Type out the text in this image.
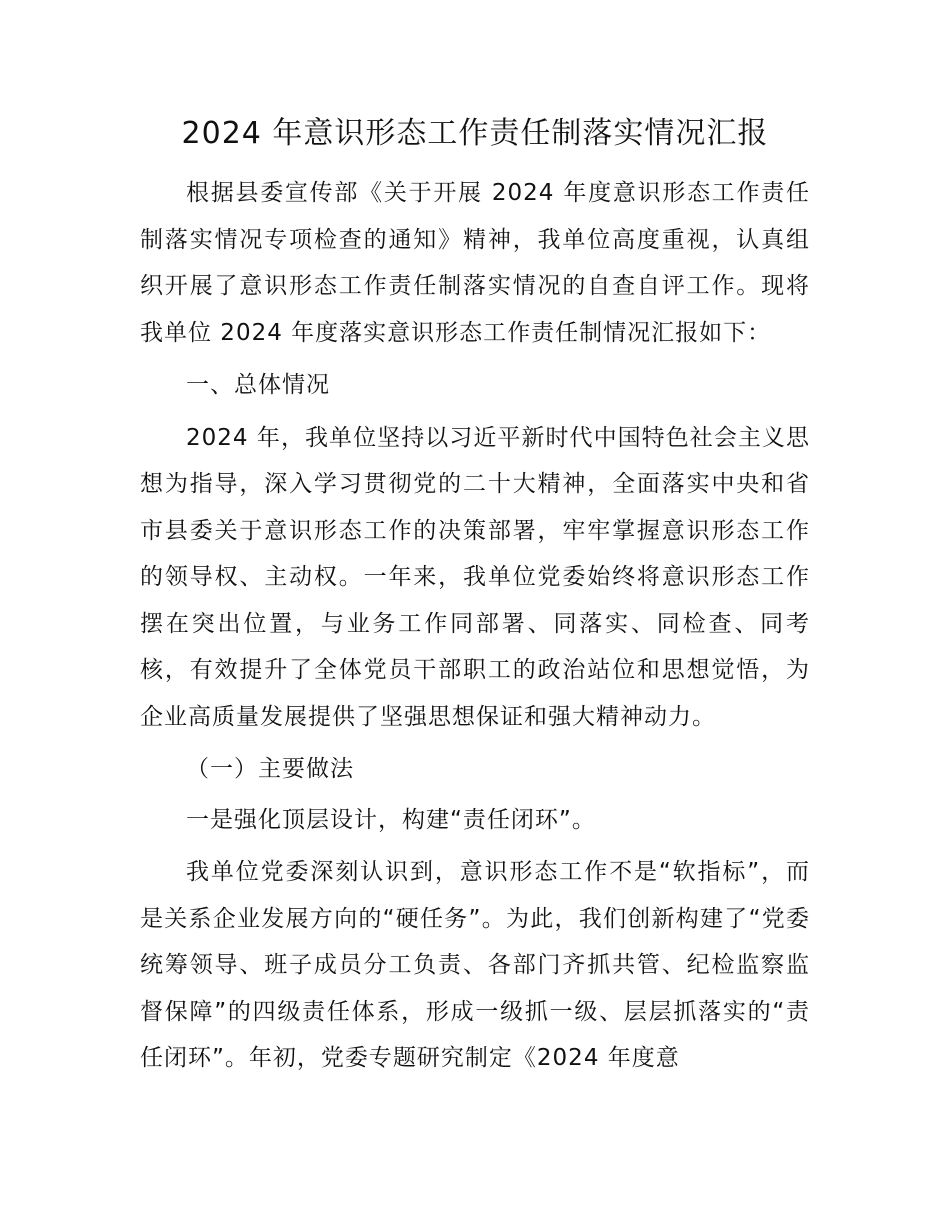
2024 年意识形态工作责任制落实情况汇报

根据县委宣传部《关于开展 2024 年度意识形态工作责任制落实情况专项检查的通知》精神，我单位高度重视，认真组织开展了意识形态工作责任制落实情况的自查自评工作。现将我单位 2024 年度落实意识形态工作责任制情况汇报如下：

一、总体情况

2024 年，我单位坚持以习近平新时代中国特色社会主义思想为指导，深入学习贯彻党的二十大精神，全面落实中央和省市县委关于意识形态工作的决策部署，牢牢掌握意识形态工作的领导权、主动权。一年来，我单位党委始终将意识形态工作摆在突出位置，与业务工作同部署、同落实、同检查、同考核，有效提升了全体党员干部职工的政治站位和思想觉悟，为企业高质量发展提供了坚强思想保证和强大精神动力。

（一）主要做法

一是强化顶层设计，构建“责任闭环”。

我单位党委深刻认识到，意识形态工作不是“软指标”，而是关系企业发展方向的“硬任务”。为此，我们创新构建了“党委统筹领导、班子成员分工负责、各部门齐抓共管、纪检监察监督保障”的四级责任体系，形成一级抓一级、层层抓落实的“责任闭环”。年初，党委专题研究制定《2024 年度意
